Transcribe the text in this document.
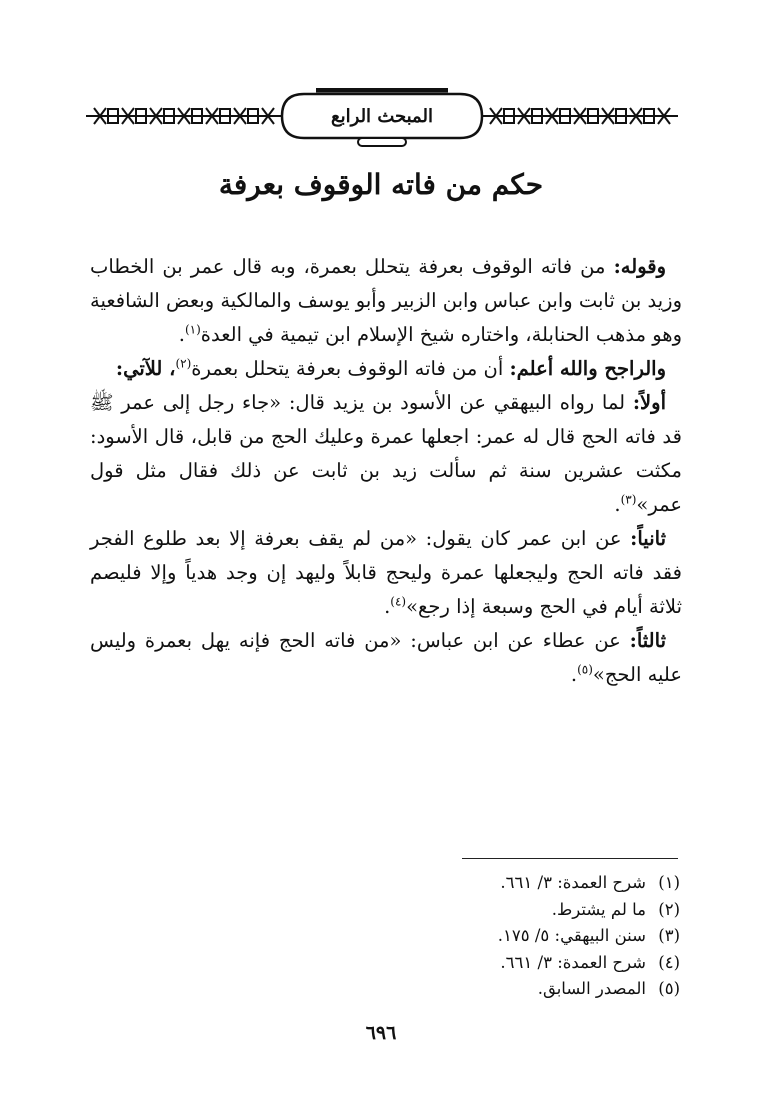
المبحث الرابع
حكم من فاته الوقوف بعرفة

وقوله: من فاته الوقوف بعرفة يتحلل بعمرة، وبه قال عمر بن الخطاب وزيد بن ثابت وابن عباس وابن الزبير وأبو يوسف والمالكية وبعض الشافعية وهو مذهب الحنابلة، واختاره شيخ الإسلام ابن تيمية في العدة$^{(١)}$.

والراجح والله أعلم: أن من فاته الوقوف بعرفة يتحلل بعمرة$^{(٢)}$، للآتي:

أولاً: لما رواه البيهقي عن الأسود بن يزيد قال: «جاء رجل إلى عمر ﷺ قد فاته الحج قال له عمر: اجعلها عمرة وعليك الحج من قابل، قال الأسود: مكثت عشرين سنة ثم سألت زيد بن ثابت عن ذلك فقال مثل قول عمر»$^{(٣)}$.

ثانياً: عن ابن عمر كان يقول: «من لم يقف بعرفة إلا بعد طلوع الفجر فقد فاته الحج وليجعلها عمرة وليحج قابلاً وليهد إن وجد هدياً وإلا فليصم ثلاثة أيام في الحج وسبعة إذا رجع»$^{(٤)}$.

ثالثاً: عن عطاء عن ابن عباس: «من فاته الحج فإنه يهل بعمرة وليس عليه الحج»$^{(٥)}$.

(١)شرح العمدة: ٣/ ٦٦١.

(٢)ما لم يشترط.

(٣)سنن البيهقي: ٥/ ١٧٥.

(٤)شرح العمدة: ٣/ ٦٦١.

(٥)المصدر السابق.

٦٩٦
